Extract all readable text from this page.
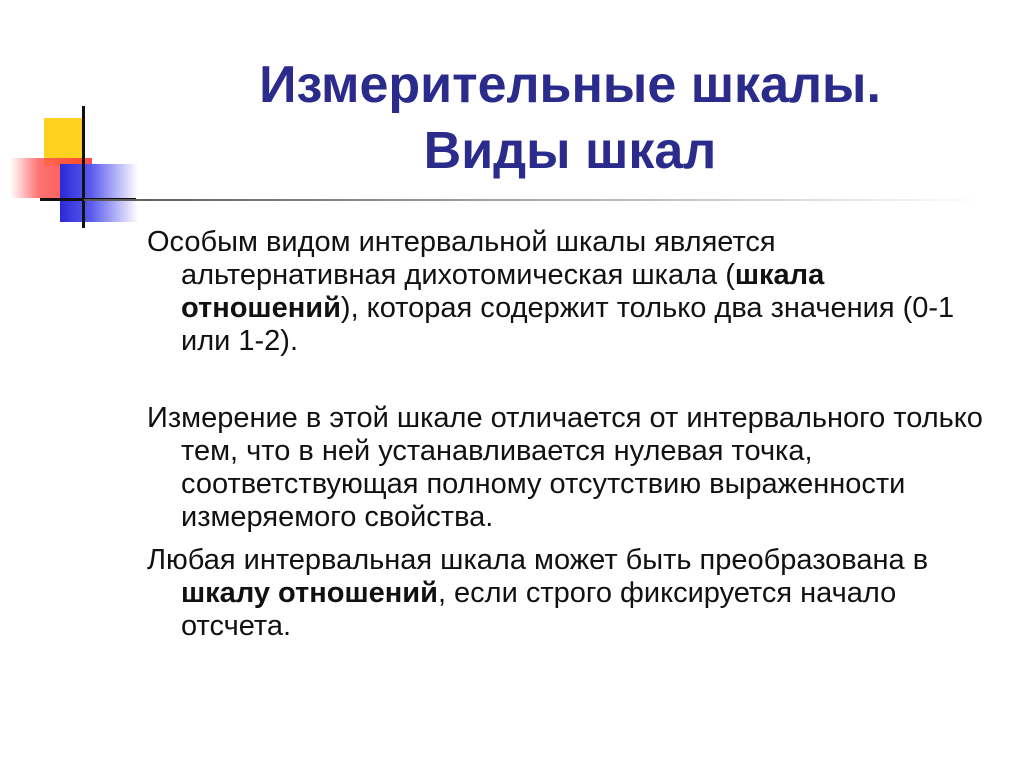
Измерительные шкалы.
Виды шкал

Особым видом интервальной шкалы является альтернативная дихотомическая шкала (шкала отношений), которая содержит только два значения (0-1 или 1-2).

Измерение в этой шкале отличается от интервального только тем, что в ней устанавливается нулевая точка, соответствующая полному отсутствию выраженности измеряемого свойства.

Любая интервальная шкала может быть преобразована в шкалу отношений, если строго фиксируется начало отсчета.
